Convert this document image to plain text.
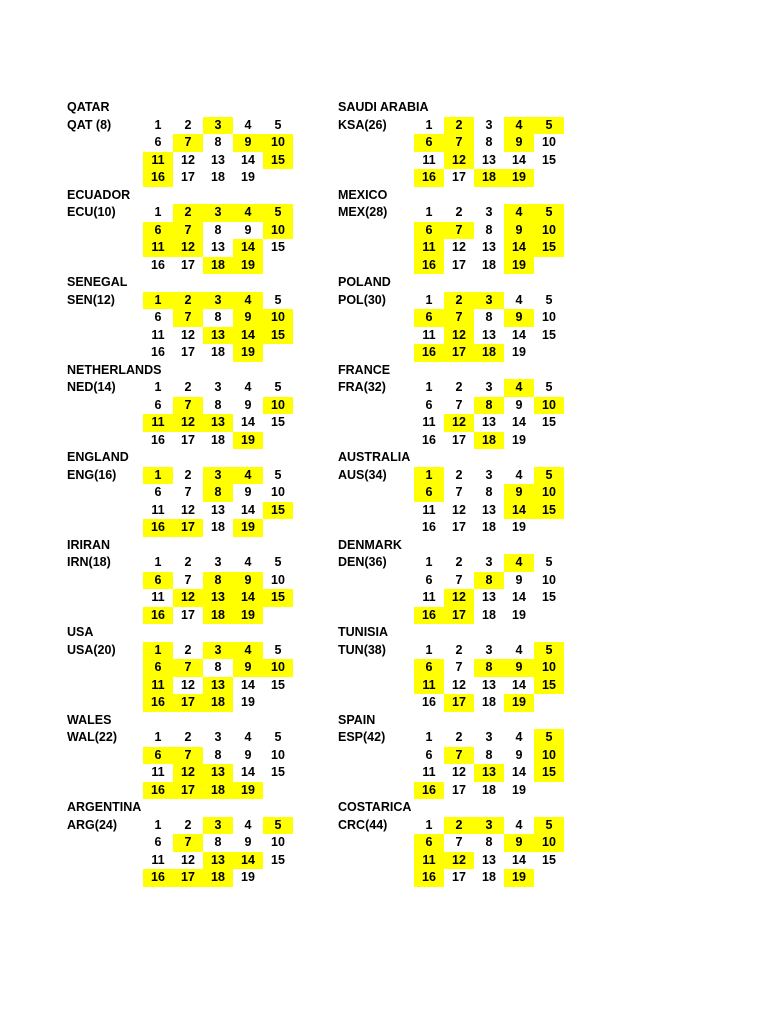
QATAR
QAT (8)	1	2	3	4	5
6	7	8	9	10
11	12	13	14	15
16	17	18	19
ECUADOR
ECU(10)	1	2	3	4	5
6	7	8	9	10
11	12	13	14	15
16	17	18	19
SENEGAL
SEN(12)	1	2	3	4	5
6	7	8	9	10
11	12	13	14	15
16	17	18	19
NETHERLANDS
NED(14)	1	2	3	4	5
6	7	8	9	10
11	12	13	14	15
16	17	18	19
ENGLAND
ENG(16)	1	2	3	4	5
6	7	8	9	10
11	12	13	14	15
16	17	18	19
IRIRAN
IRN(18)	1	2	3	4	5
6	7	8	9	10
11	12	13	14	15
16	17	18	19
USA
USA(20)	1	2	3	4	5
6	7	8	9	10
11	12	13	14	15
16	17	18	19
WALES
WAL(22)	1	2	3	4	5
6	7	8	9	10
11	12	13	14	15
16	17	18	19
ARGENTINA
ARG(24)	1	2	3	4	5
6	7	8	9	10
11	12	13	14	15
16	17	18	19
SAUDI ARABIA
KSA(26)	1	2	3	4	5
6	7	8	9	10
11	12	13	14	15
16	17	18	19
MEXICO
MEX(28)	1	2	3	4	5
6	7	8	9	10
11	12	13	14	15
16	17	18	19
POLAND
POL(30)	1	2	3	4	5
6	7	8	9	10
11	12	13	14	15
16	17	18	19
FRANCE
FRA(32)	1	2	3	4	5
6	7	8	9	10
11	12	13	14	15
16	17	18	19
AUSTRALIA
AUS(34)	1	2	3	4	5
6	7	8	9	10
11	12	13	14	15
16	17	18	19
DENMARK
DEN(36)	1	2	3	4	5
6	7	8	9	10
11	12	13	14	15
16	17	18	19
TUNISIA
TUN(38)	1	2	3	4	5
6	7	8	9	10
11	12	13	14	15
16	17	18	19
SPAIN
ESP(42)	1	2	3	4	5
6	7	8	9	10
11	12	13	14	15
16	17	18	19
COSTARICA
CRC(44)	1	2	3	4	5
6	7	8	9	10
11	12	13	14	15
16	17	18	19
